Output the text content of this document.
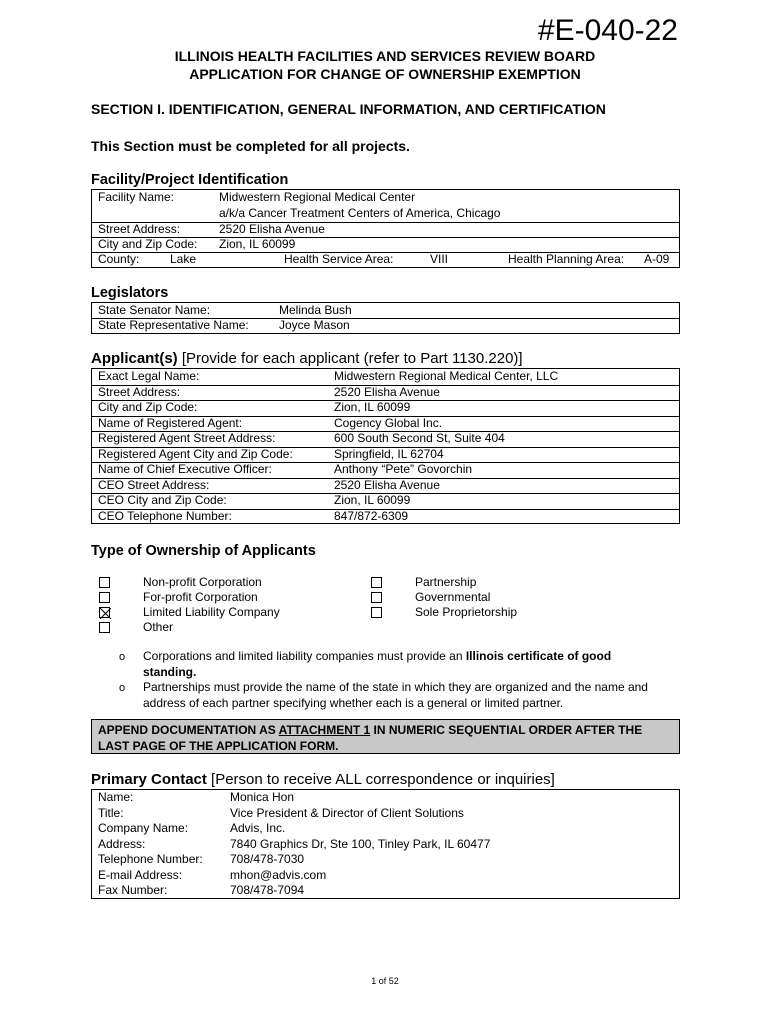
#E-040-22
ILLINOIS HEALTH FACILITIES AND SERVICES REVIEW BOARD
APPLICATION FOR CHANGE OF OWNERSHIP EXEMPTION
SECTION I. IDENTIFICATION, GENERAL INFORMATION, AND CERTIFICATION
This Section must be completed for all projects.
Facility/Project Identification
Facility Name:	Midwestern Regional Medical Center
a/k/a Cancer Treatment Centers of America, Chicago
Street Address:	2520 Elisha Avenue
City and Zip Code: Zion, IL 60099
County:	Lake	Health Service Area:	VIII	Health Planning Area: A-09
Legislators
State Senator Name:	Melinda Bush
State Representative Name:	Joyce Mason
Applicant(s) [Provide for each applicant (refer to Part 1130.220)]
Exact Legal Name:	Midwestern Regional Medical Center, LLC
Street Address:	2520 Elisha Avenue
City and Zip Code:	Zion, IL 60099
Name of Registered Agent:	Cogency Global Inc.
Registered Agent Street Address:	600 South Second St, Suite 404
Registered Agent City and Zip Code:	Springfield, IL 62704
Name of Chief Executive Officer:	Anthony “Pete” Govorchin
CEO Street Address:	2520 Elisha Avenue
CEO City and Zip Code:	Zion, IL 60099
CEO Telephone Number:	847/872-6309
Type of Ownership of Applicants
Non-profit Corporation
For-profit Corporation
Limited Liability Company
Other
Partnership
Governmental
Sole Proprietorship
o Corporations and limited liability companies must provide an Illinois certificate of good standing.
o Partnerships must provide the name of the state in which they are organized and the name and address of each partner specifying whether each is a general or limited partner.
APPEND DOCUMENTATION AS ATTACHMENT 1 IN NUMERIC SEQUENTIAL ORDER AFTER THE LAST PAGE OF THE APPLICATION FORM.
Primary Contact [Person to receive ALL correspondence or inquiries]
Name:	Monica Hon
Title:	Vice President & Director of Client Solutions
Company Name:	Advis, Inc.
Address:	7840 Graphics Dr, Ste 100, Tinley Park, IL 60477
Telephone Number: 708/478-7030
E-mail Address:	mhon@advis.com
Fax Number:	708/478-7094
1 of 52
